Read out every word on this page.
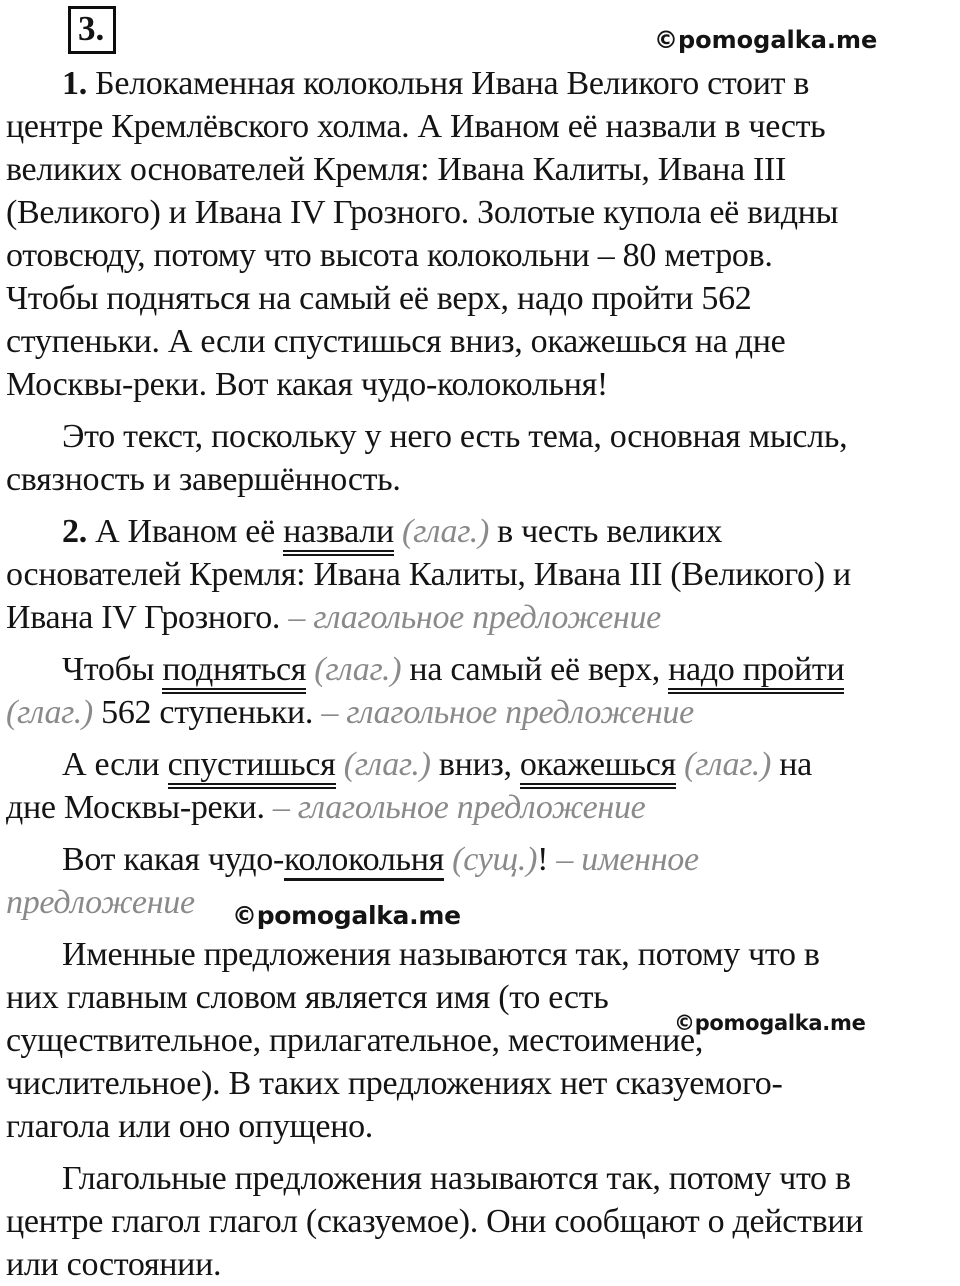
3.	©pomogalka.me
1. Белокаменная колокольня Ивана Великого стоит в
центре Кремлёвского холма. А Иваном её назвали в честь
великих основателей Кремля: Ивана Калиты, Ивана III
(Великого) и Ивана IV Грозного. Золотые купола её видны
отовсюду, потому что высота колокольни – 80 метров.
Чтобы подняться на самый её верх, надо пройти 562
ступеньки. А если спустишься вниз, окажешься на дне
Москвы-реки. Вот какая чудо-колокольня!
Это текст, поскольку у него есть тема, основная мысль,
связность и завершённость.
2. А Иваном её назвали (глаг.) в честь великих
основателей Кремля: Ивана Калиты, Ивана III (Великого) и
Ивана IV Грозного. – глагольное предложение
Чтобы подняться (глаг.) на самый её верх, надо пройти
(глаг.) 562 ступеньки. – глагольное предложение
А если спустишься (глаг.) вниз, окажешься (глаг.) на
дне Москвы-реки. – глагольное предложение
Вот какая чудо-колокольня (сущ.)! – именное
предложение ©pomogalka.me
Именные предложения называются так, потому что в
них главным словом является имя (то есть
©pomogalka.me
существительное, прилагательное, местоимение,
числительное). В таких предложениях нет сказуемого-
глагола или оно опущено.
Глагольные предложения называются так, потому что в
центре глагол глагол (сказуемое). Они сообщают о действии
или состоянии.
